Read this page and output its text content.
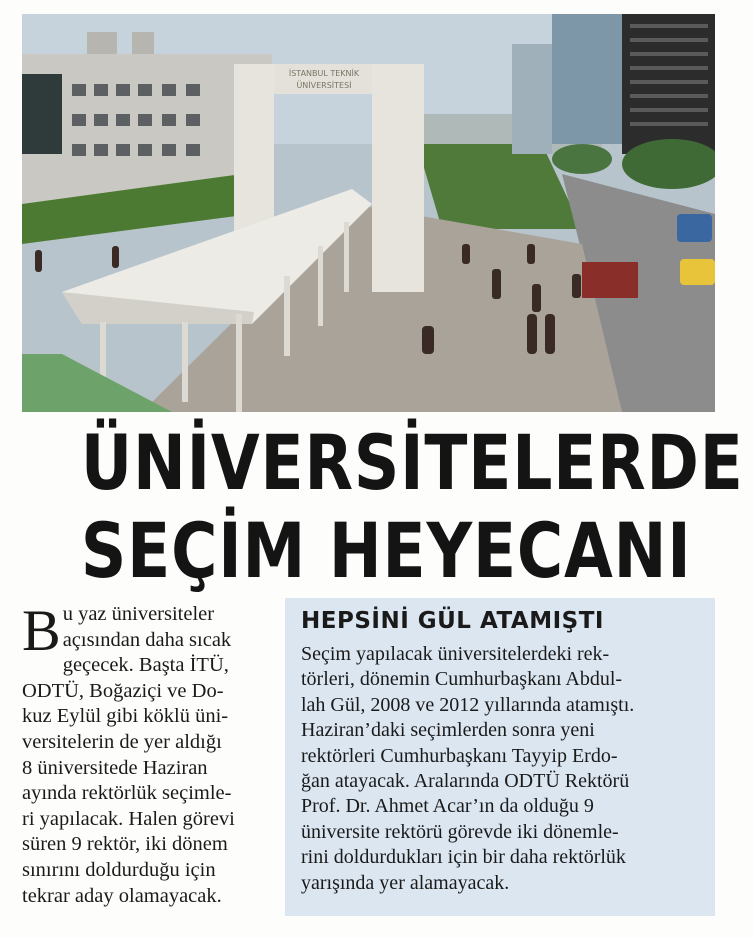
İSTANBUL TEKNİK
ÜNİVERSİTESİ
ÜNİVERSİTELERDE
SEÇİM HEYECANI
B u yaz üniversiteler
açısından daha sıcak
geçecek. Başta İTÜ,
ODTÜ, Boğaziçi ve Do-
kuz Eylül gibi köklü üni-
versitelerin de yer aldığı
8 üniversitede Haziran
ayında rektörlük seçimle-
ri yapılacak. Halen görevi
süren 9 rektör, iki dönem
sınırını doldurduğu için
tekrar aday olamayacak.
HEPSİNİ GÜL ATAMIŞTI
Seçim yapılacak üniversitelerdeki rek-
törleri, dönemin Cumhurbaşkanı Abdul-
lah Gül, 2008 ve 2012 yıllarında atamıştı.
Haziran’daki seçimlerden sonra yeni
rektörleri Cumhurbaşkanı Tayyip Erdo-
ğan atayacak. Aralarında ODTÜ Rektörü
Prof. Dr. Ahmet Acar’ın da olduğu 9
üniversite rektörü görevde iki dönemle-
rini doldurdukları için bir daha rektörlük
yarışında yer alamayacak.
